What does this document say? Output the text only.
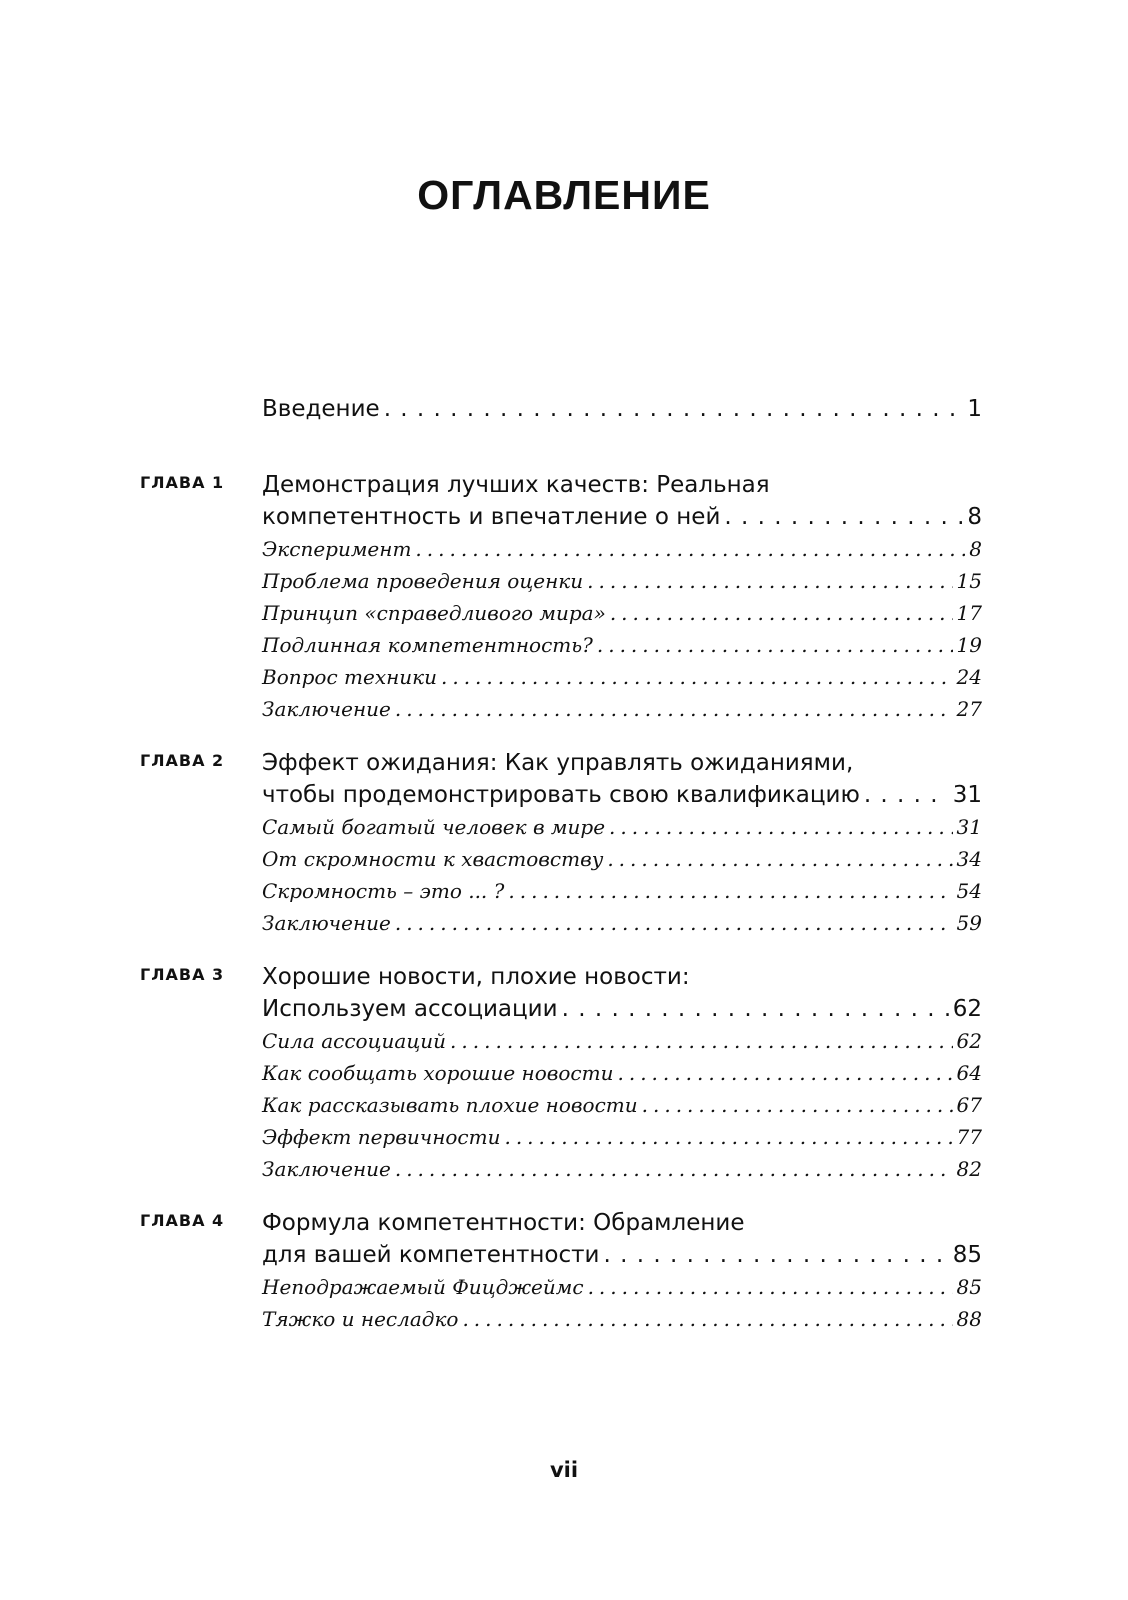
ОГЛАВЛЕНИЕ
Введение . . .	1
ГЛАВА 1 Демонстрация лучших качеств: Реальная
компетентность и впечатление о ней . . .	8
Эксперимент .....	8
Проблема проведения оценки .....	15
Принцип «справедливого мира» .....	17
Подлинная компетентность? .....	19
Вопрос техники .....	24
Заключение .....	27
ГЛАВА 2 Эффект ожидания: Как управлять ожиданиями,
чтобы продемонстрировать свою квалификацию . . .	31
Самый богатый человек в мире .....	31
От скромности к хвастовству .....	34
Скромность – это ... ? .....	54
Заключение .....	59
ГЛАВА 3 Хорошие новости, плохие новости:
Используем ассоциации . . .	62
Сила ассоциаций .....	62
Как сообщать хорошие новости .....	64
Как рассказывать плохие новости .....	67
Эффект первичности .....	77
Заключение .....	82
ГЛАВА 4 Формула компетентности: Обрамление
для вашей компетентности . . .	85
Неподражаемый Фицджеймс .....	85
Тяжко и несладко .....	88
vii
